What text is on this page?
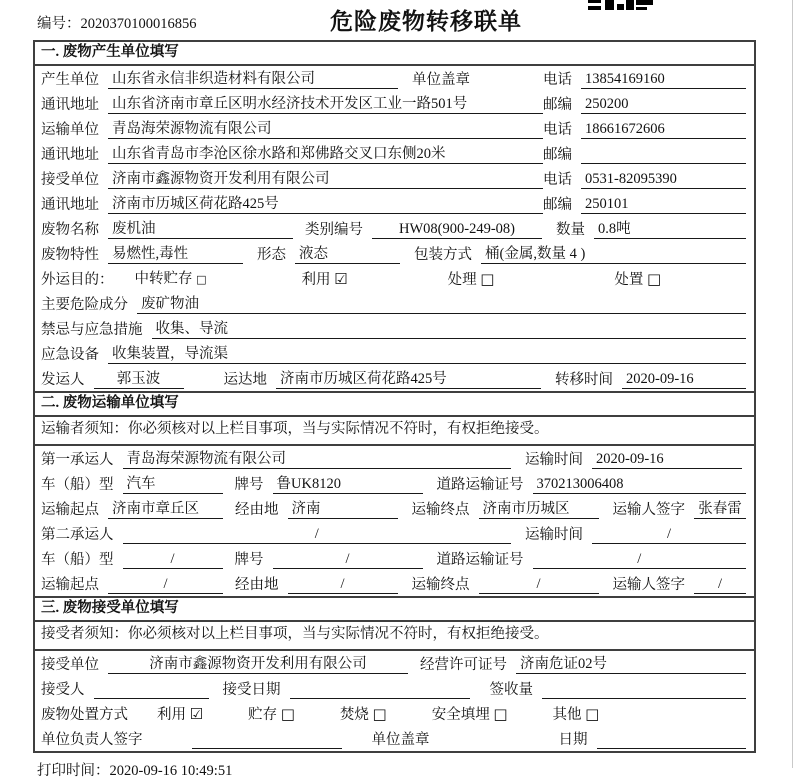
编号：2020370100016856	危险废物转移联单
一. 废物产生单位填写
产生单位 山东省永信非织造材料有限公司	单位盖章	电话 13854169160
通讯地址 山东省济南市章丘区明水经济技术开发区工业一路501号	邮编 250200
运输单位 青岛海荣源物流有限公司	电话 18661672606
通讯地址 山东省青岛市李沧区徐水路和郑佛路交叉口东侧20米	邮编
接受单位 济南市鑫源物资开发利用有限公司	电话 0531-82095390
通讯地址 济南市历城区荷花路425号	邮编 250101
废物名称 废机油	类别编号	HW08(900-249-08)	数量 0.8吨
废物特性 易燃性,毒性	形态 液态	包装方式 桶(金属,数量 4 )
外运目的： 中转贮存 □	利用 ☑	处理 □	处置 □
主要危险成分 废矿物油
禁忌与应急措施 收集、导流
应急设备 收集装置，导流渠
发运人	郭玉波	运达地 济南市历城区荷花路425号	转移时间 2020-09-16
二. 废物运输单位填写
运输者须知：你必须核对以上栏目事项，当与实际情况不符时，有权拒绝接受。
第一承运人 青岛海荣源物流有限公司	运输时间 2020-09-16
车（船）型 汽车	牌号 鲁UK8120	道路运输证号 370213006408
运输起点 济南市章丘区	经由地 济南	运输终点 济南市历城区	运输人签字 张春雷
第二承运人	/	运输时间	/
车（船）型	/	牌号	/	道路运输证号	/
运输起点	/	经由地	/	运输终点	/	运输人签字	/
三. 废物接受单位填写
接受者须知：你必须核对以上栏目事项，当与实际情况不符时，有权拒绝接受。
接受单位	济南市鑫源物资开发利用有限公司	经营许可证号 济南危证02号
接受人	接受日期	签收量
废物处置方式 利用 ☑	贮存 □	焚烧 □	安全填埋 □	其他 □
单位负责人签字	单位盖章	日期
打印时间：2020-09-16 10:49:51
